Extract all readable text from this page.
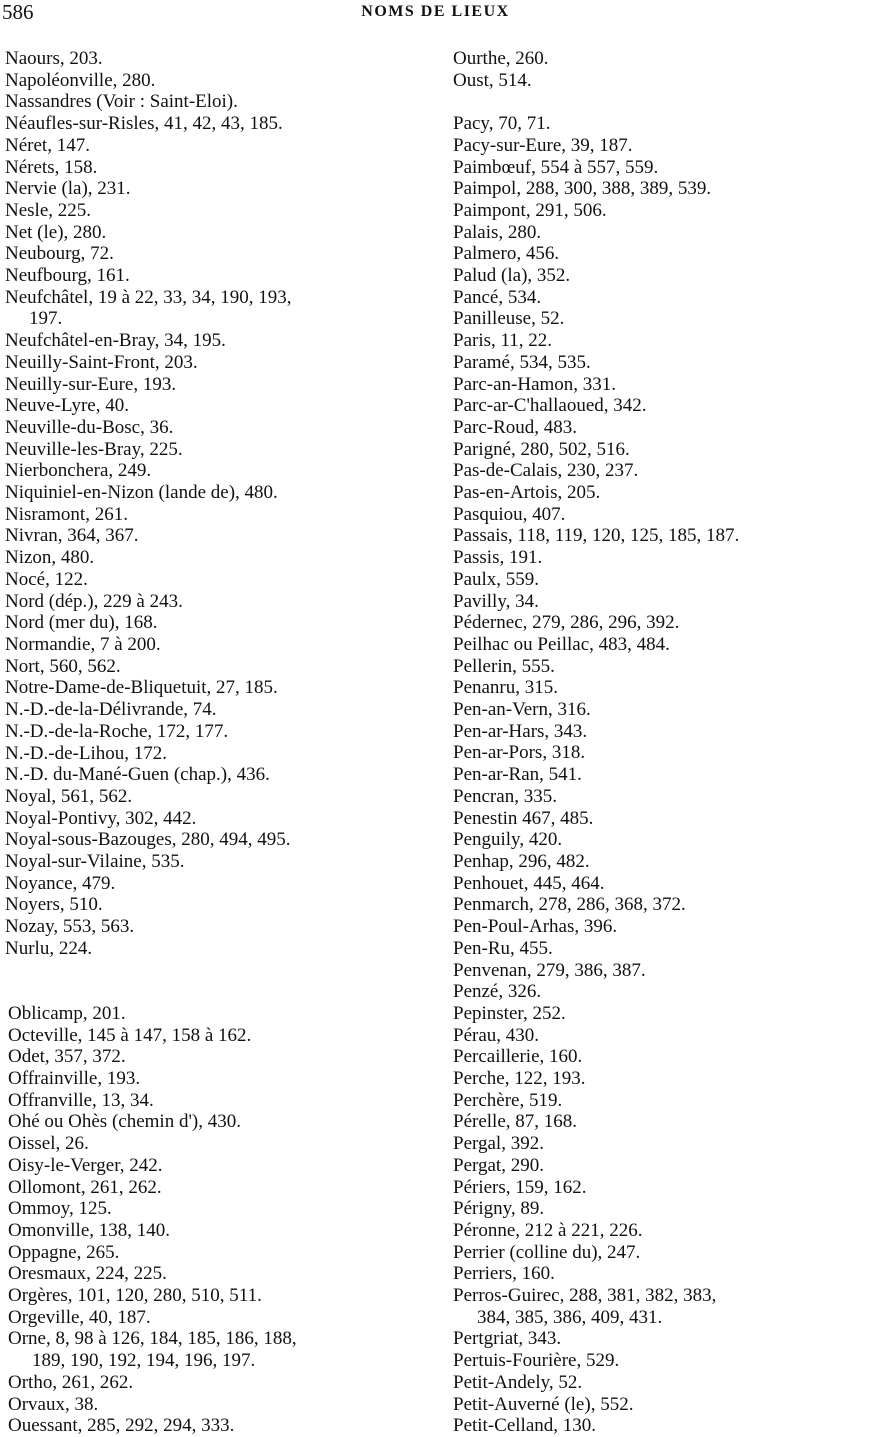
586	NOMS DE LIEUX
Naours, 203.
Napoléonville, 280.
Nassandres (Voir : Saint-Eloi).
Néaufles-sur-Risles, 41, 42, 43, 185.
Néret, 147.
Nérets, 158.
Nervie (la), 231.
Nesle, 225.
Net (le), 280.
Neubourg, 72.
Neufbourg, 161.
Neufchâtel, 19 à 22, 33, 34, 190, 193,
197.
Neufchâtel-en-Bray, 34, 195.
Neuilly-Saint-Front, 203.
Neuilly-sur-Eure, 193.
Neuve-Lyre, 40.
Neuville-du-Bosc, 36.
Neuville-les-Bray, 225.
Nierbonchera, 249.
Niquiniel-en-Nizon (lande de), 480.
Nisramont, 261.
Nivran, 364, 367.
Nizon, 480.
Nocé, 122.
Nord (dép.), 229 à 243.
Nord (mer du), 168.
Normandie, 7 à 200.
Nort, 560, 562.
Notre-Dame-de-Bliquetuit, 27, 185.
N.-D.-de-la-Délivrande, 74.
N.-D.-de-la-Roche, 172, 177.
N.-D.-de-Lihou, 172.
N.-D. du-Mané-Guen (chap.), 436.
Noyal, 561, 562.
Noyal-Pontivy, 302, 442.
Noyal-sous-Bazouges, 280, 494, 495.
Noyal-sur-Vilaine, 535.
Noyance, 479.
Noyers, 510.
Nozay, 553, 563.
Nurlu, 224.
Oblicamp, 201.
Octeville, 145 à 147, 158 à 162.
Odet, 357, 372.
Offrainville, 193.
Offranville, 13, 34.
Ohé ou Ohès (chemin d'), 430.
Oissel, 26.
Oisy-le-Verger, 242.
Ollomont, 261, 262.
Ommoy, 125.
Omonville, 138, 140.
Oppagne, 265.
Oresmaux, 224, 225.
Orgères, 101, 120, 280, 510, 511.
Orgeville, 40, 187.
Orne, 8, 98 à 126, 184, 185, 186, 188,
189, 190, 192, 194, 196, 197.
Ortho, 261, 262.
Orvaux, 38.
Ouessant, 285, 292, 294, 333.
Ourthe, 260.
Oust, 514.
Pacy, 70, 71.
Pacy-sur-Eure, 39, 187.
Paimbœuf, 554 à 557, 559.
Paimpol, 288, 300, 388, 389, 539.
Paimpont, 291, 506.
Palais, 280.
Palmero, 456.
Palud (la), 352.
Pancé, 534.
Panilleuse, 52.
Paris, 11, 22.
Paramé, 534, 535.
Parc-an-Hamon, 331.
Parc-ar-C'hallaoued, 342.
Parc-Roud, 483.
Parigné, 280, 502, 516.
Pas-de-Calais, 230, 237.
Pas-en-Artois, 205.
Pasquiou, 407.
Passais, 118, 119, 120, 125, 185, 187.
Passis, 191.
Paulx, 559.
Pavilly, 34.
Pédernec, 279, 286, 296, 392.
Peilhac ou Peillac, 483, 484.
Pellerin, 555.
Penanru, 315.
Pen-an-Vern, 316.
Pen-ar-Hars, 343.
Pen-ar-Pors, 318.
Pen-ar-Ran, 541.
Pencran, 335.
Penestin 467, 485.
Penguily, 420.
Penhap, 296, 482.
Penhouet, 445, 464.
Penmarch, 278, 286, 368, 372.
Pen-Poul-Arhas, 396.
Pen-Ru, 455.
Penvenan, 279, 386, 387.
Penzé, 326.
Pepinster, 252.
Pérau, 430.
Percaillerie, 160.
Perche, 122, 193.
Perchère, 519.
Pérelle, 87, 168.
Pergal, 392.
Pergat, 290.
Périers, 159, 162.
Périgny, 89.
Péronne, 212 à 221, 226.
Perrier (colline du), 247.
Perriers, 160.
Perros-Guirec, 288, 381, 382, 383,
384, 385, 386, 409, 431.
Pertgriat, 343.
Pertuis-Fourière, 529.
Petit-Andely, 52.
Petit-Auverné (le), 552.
Petit-Celland, 130.
